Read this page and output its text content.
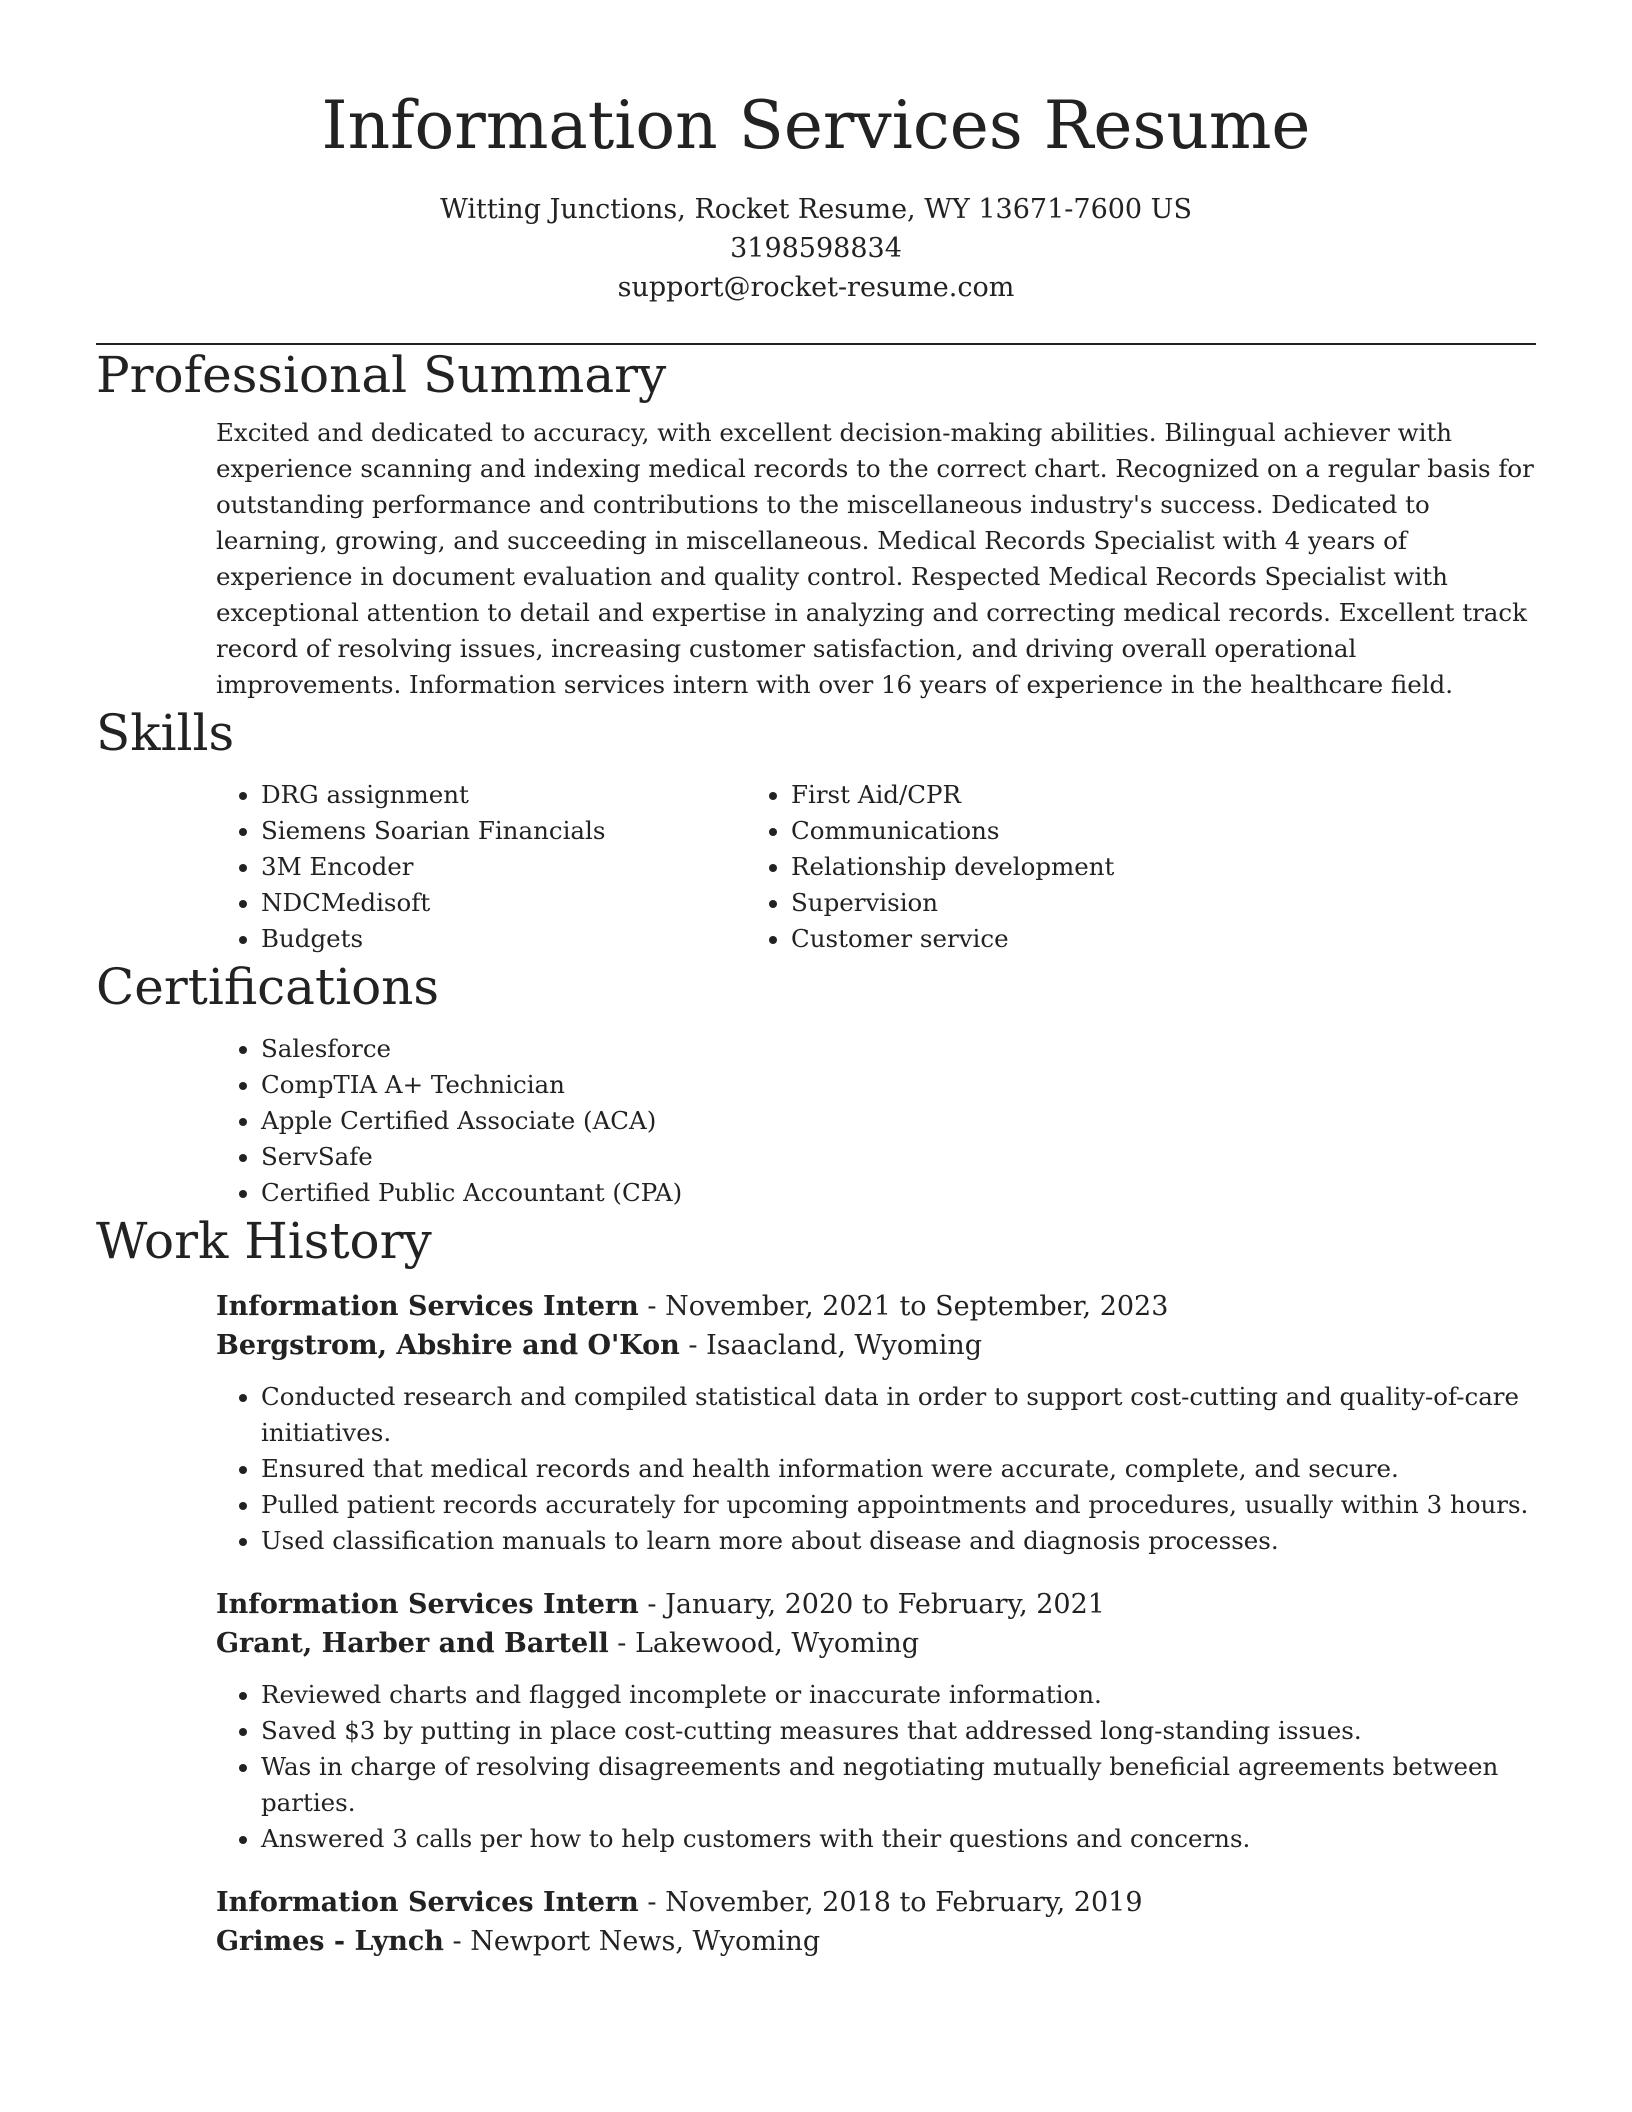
Information Services Resume

Witting Junctions, Rocket Resume, WY 13671-7600 US

3198598834

support@rocket-resume.com

Professional Summary

Excited and dedicated to accuracy, with excellent decision-making abilities. Bilingual achiever with experience scanning and indexing medical records to the correct chart. Recognized on a regular basis for outstanding performance and contributions to the miscellaneous industry's success. Dedicated to learning, growing, and succeeding in miscellaneous. Medical Records Specialist with 4 years of experience in document evaluation and quality control. Respected Medical Records Specialist with exceptional attention to detail and expertise in analyzing and correcting medical records. Excellent track record of resolving issues, increasing customer satisfaction, and driving overall operational improvements. Information services intern with over 16 years of experience in the healthcare field.

Skills
• DRG assignment
• Siemens Soarian Financials
• 3M Encoder
• NDCMedisoft
• Budgets
• First Aid/CPR
• Communications
• Relationship development
• Supervision
• Customer service
Certifications
• Salesforce
• CompTIA A+ Technician
• Apple Certified Associate (ACA)
• ServSafe
• Certified Public Accountant (CPA)
Work History

Information Services Intern - November, 2021 to September, 2023

Bergstrom, Abshire and O'Kon - Isaacland, Wyoming

• Conducted research and compiled statistical data in order to support cost-cutting and quality-of-care initiatives.
• Ensured that medical records and health information were accurate, complete, and secure.
• Pulled patient records accurately for upcoming appointments and procedures, usually within 3 hours.
• Used classification manuals to learn more about disease and diagnosis processes.

Information Services Intern - January, 2020 to February, 2021

Grant, Harber and Bartell - Lakewood, Wyoming

• Reviewed charts and flagged incomplete or inaccurate information.
• Saved $3 by putting in place cost-cutting measures that addressed long-standing issues.
• Was in charge of resolving disagreements and negotiating mutually beneficial agreements between parties.
• Answered 3 calls per how to help customers with their questions and concerns.

Information Services Intern - November, 2018 to February, 2019

Grimes - Lynch - Newport News, Wyoming
